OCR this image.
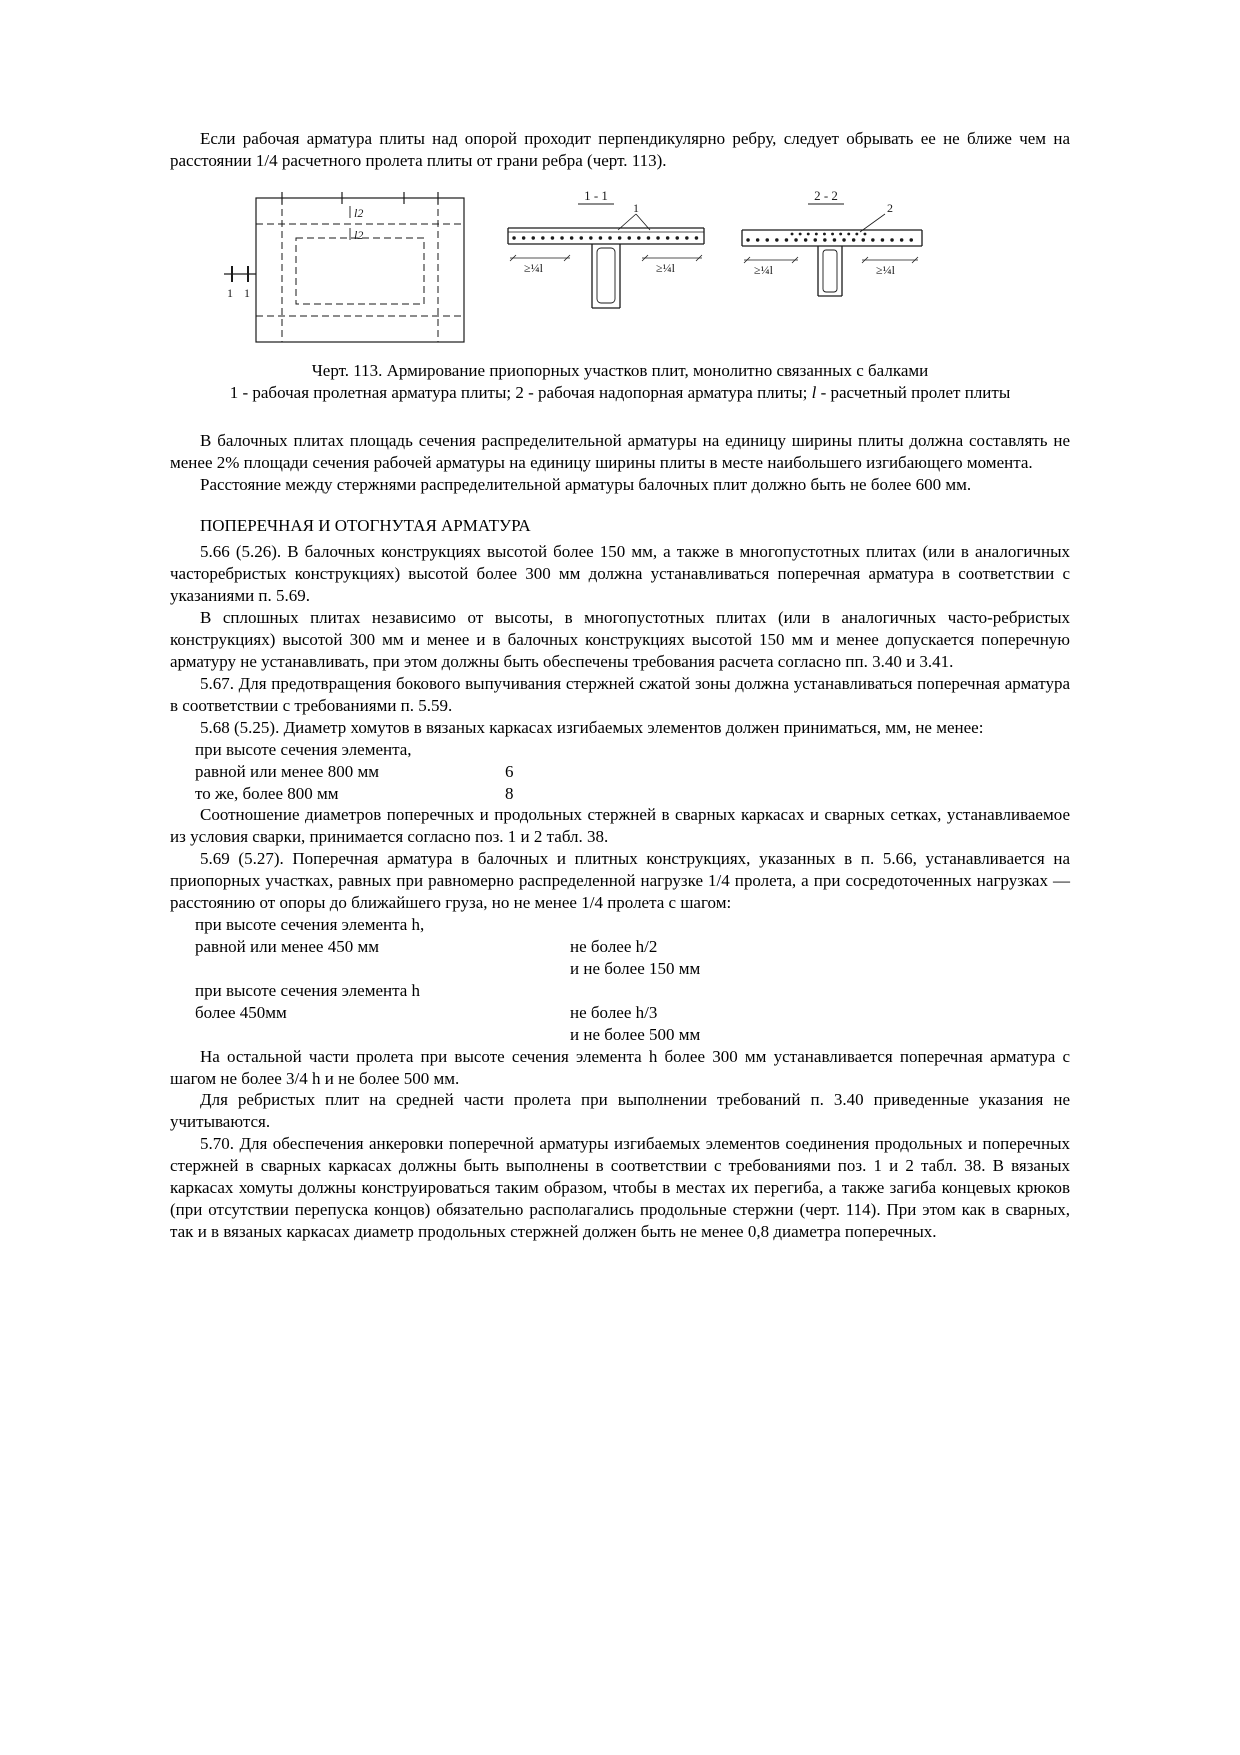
Если рабочая арматура плиты над опорой проходит перпендикулярно ребру, следует обрывать ее не ближе чем на расстоянии 1/4 расчетного пролета плиты от грани ребра (черт. 113).

l2
l2
1 1
1 - 1
1
≥¼l	≥¼l
2 - 2
2
≥¼l	≥¼l
Черт. 113. Армирование приопорных участков плит, монолитно связанных с балками
1 - рабочая пролетная арматура плиты; 2 - рабочая надопорная арматура плиты; l - расчетный пролет плиты

В балочных плитах площадь сечения распределительной арматуры на единицу ширины плиты должна составлять не менее 2% площади сечения рабочей арматуры на единицу ширины плиты в месте наибольшего изгибающего момента.

Расстояние между стержнями распределительной арматуры балочных плит должно быть не более 600 мм.

ПОПЕРЕЧНАЯ И ОТОГНУТАЯ АРМАТУРА

5.66 (5.26). В балочных конструкциях высотой более 150 мм, а также в многопустотных плитах (или в аналогичных часторебристых конструкциях) высотой более 300 мм должна устанавливаться поперечная арматура в соответствии с указаниями п. 5.69.

В сплошных плитах независимо от высоты, в многопустотных плитах (или в аналогичных часто-ребристых конструкциях) высотой 300 мм и менее и в балочных конструкциях высотой 150 мм и менее допускается поперечную арматуру не устанавливать, при этом должны быть обеспечены требования расчета согласно пп. 3.40 и 3.41.

5.67. Для предотвращения бокового выпучивания стержней сжатой зоны должна устанавливаться поперечная арматура в соответствии с требованиями п. 5.59.

5.68 (5.25). Диаметр хомутов в вязаных каркасах изгибаемых элементов должен приниматься, мм, не менее:

при высоте сечения элемента,
равной или менее 800 мм	6
то же, более 800 мм	8

Соотношение диаметров поперечных и продольных стержней в сварных каркасах и сварных сетках, устанавливаемое из условия сварки, принимается согласно поз. 1 и 2 табл. 38.

5.69 (5.27). Поперечная арматура в балочных и плитных конструкциях, указанных в п. 5.66, устанавливается на приопорных участках, равных при равномерно распределенной нагрузке 1/4 пролета, а при сосредоточенных нагрузках — расстоянию от опоры до ближайшего груза, но не менее 1/4 пролета с шагом:

при высоте сечения элемента h,
равной или менее 450 мм	не более h/2
и не более 150 мм
при высоте сечения элемента h
более 450мм	не более h/3
и не более 500 мм

На остальной части пролета при высоте сечения элемента h более 300 мм устанавливается поперечная арматура с шагом не более 3/4 h и не более 500 мм.

Для ребристых плит на средней части пролета при выполнении требований п. 3.40 приведенные указания не учитываются.

5.70. Для обеспечения анкеровки поперечной арматуры изгибаемых элементов соединения продольных и поперечных стержней в сварных каркасах должны быть выполнены в соответствии с требованиями поз. 1 и 2 табл. 38. В вязаных каркасах хомуты должны конструироваться таким образом, чтобы в местах их перегиба, а также загиба концевых крюков (при отсутствии перепуска концов) обязательно располагались продольные стержни (черт. 114). При этом как в сварных, так и в вязаных каркасах диаметр продольных стержней должен быть не менее 0,8 диаметра поперечных.
